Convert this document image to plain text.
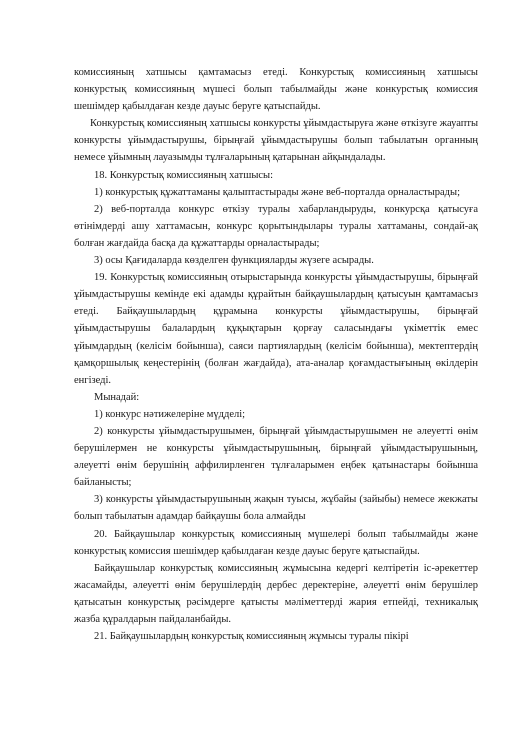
комиссияның хатшысы қамтамасыз етеді. Конкурстық комиссияның хатшысы конкурстық комиссияның мүшесі болып табылмайды және конкурстық комиссия шешімдер қабылдаған кезде дауыс беруге қатыспайды.

Конкурстық комиссияның хатшысы конкурсты ұйымдастыруға және өткізуге жауапты конкурсты ұйымдастырушы, бірыңғай ұйымдастырушы болып табылатын органның немесе ұйымның лауазымды тұлғаларының қатарынан айқындалады.

18. Конкурстық комиссияның хатшысы:

1) конкурстық құжаттаманы қалыптастырады және веб-порталда орналастырады;

2) веб-порталда конкурс өткізу туралы хабарландыруды, конкурсқа қатысуға өтінімдерді ашу хаттамасын, конкурс қорытындылары туралы хаттаманы, сондай-ақ болған жағдайда басқа да құжаттарды орналастырады;

3) осы Қағидаларда көзделген функцияларды жүзеге асырады.

19. Конкурстық комиссияның отырыстарында конкурсты ұйымдастырушы, бірыңғай ұйымдастырушы кемінде екі адамды құрайтын байқаушылардың қатысуын қамтамасыз етеді. Байқаушылардың құрамына конкурсты ұйымдастырушы, бірыңғай ұйымдастырушы балалардың құқықтарын қорғау саласындағы үкіметтік емес ұйымдардың (келісім бойынша), саяси партиялардың (келісім бойынша), мектептердің қамқоршылық кеңестерінің (болған жағдайда), ата-аналар қоғамдастығының өкілдерін енгізеді.

Мынадай:

1) конкурс нәтижелеріне мүдделі;

2) конкурсты ұйымдастырушымен, бірыңғай ұйымдастырушымен не әлеуетті өнім берушілермен не конкурсты ұйымдастырушының, бірыңғай ұйымдастырушының, әлеуетті өнім берушінің аффилирленген тұлғаларымен еңбек қатынастары бойынша байланысты;

3) конкурсты ұйымдастырушының жақын туысы, жұбайы (зайыбы) немесе жекжаты болып табылатын адамдар байқаушы бола алмайды

20. Байқаушылар конкурстық комиссияның мүшелері болып табылмайды және конкурстық комиссия шешімдер қабылдаған кезде дауыс беруге қатыспайды.

Байқаушылар конкурстық комиссияның жұмысына кедергі келтіретін іс-әрекеттер жасамайды, әлеуетті өнім берушілердің дербес деректеріне, әлеуетті өнім берушілер қатысатын конкурстық рәсімдерге қатысты мәліметтерді жария етпейді, техникалық жазба құралдарын пайдаланбайды.

21. Байқаушылардың конкурстық комиссияның жұмысы туралы пікірі
